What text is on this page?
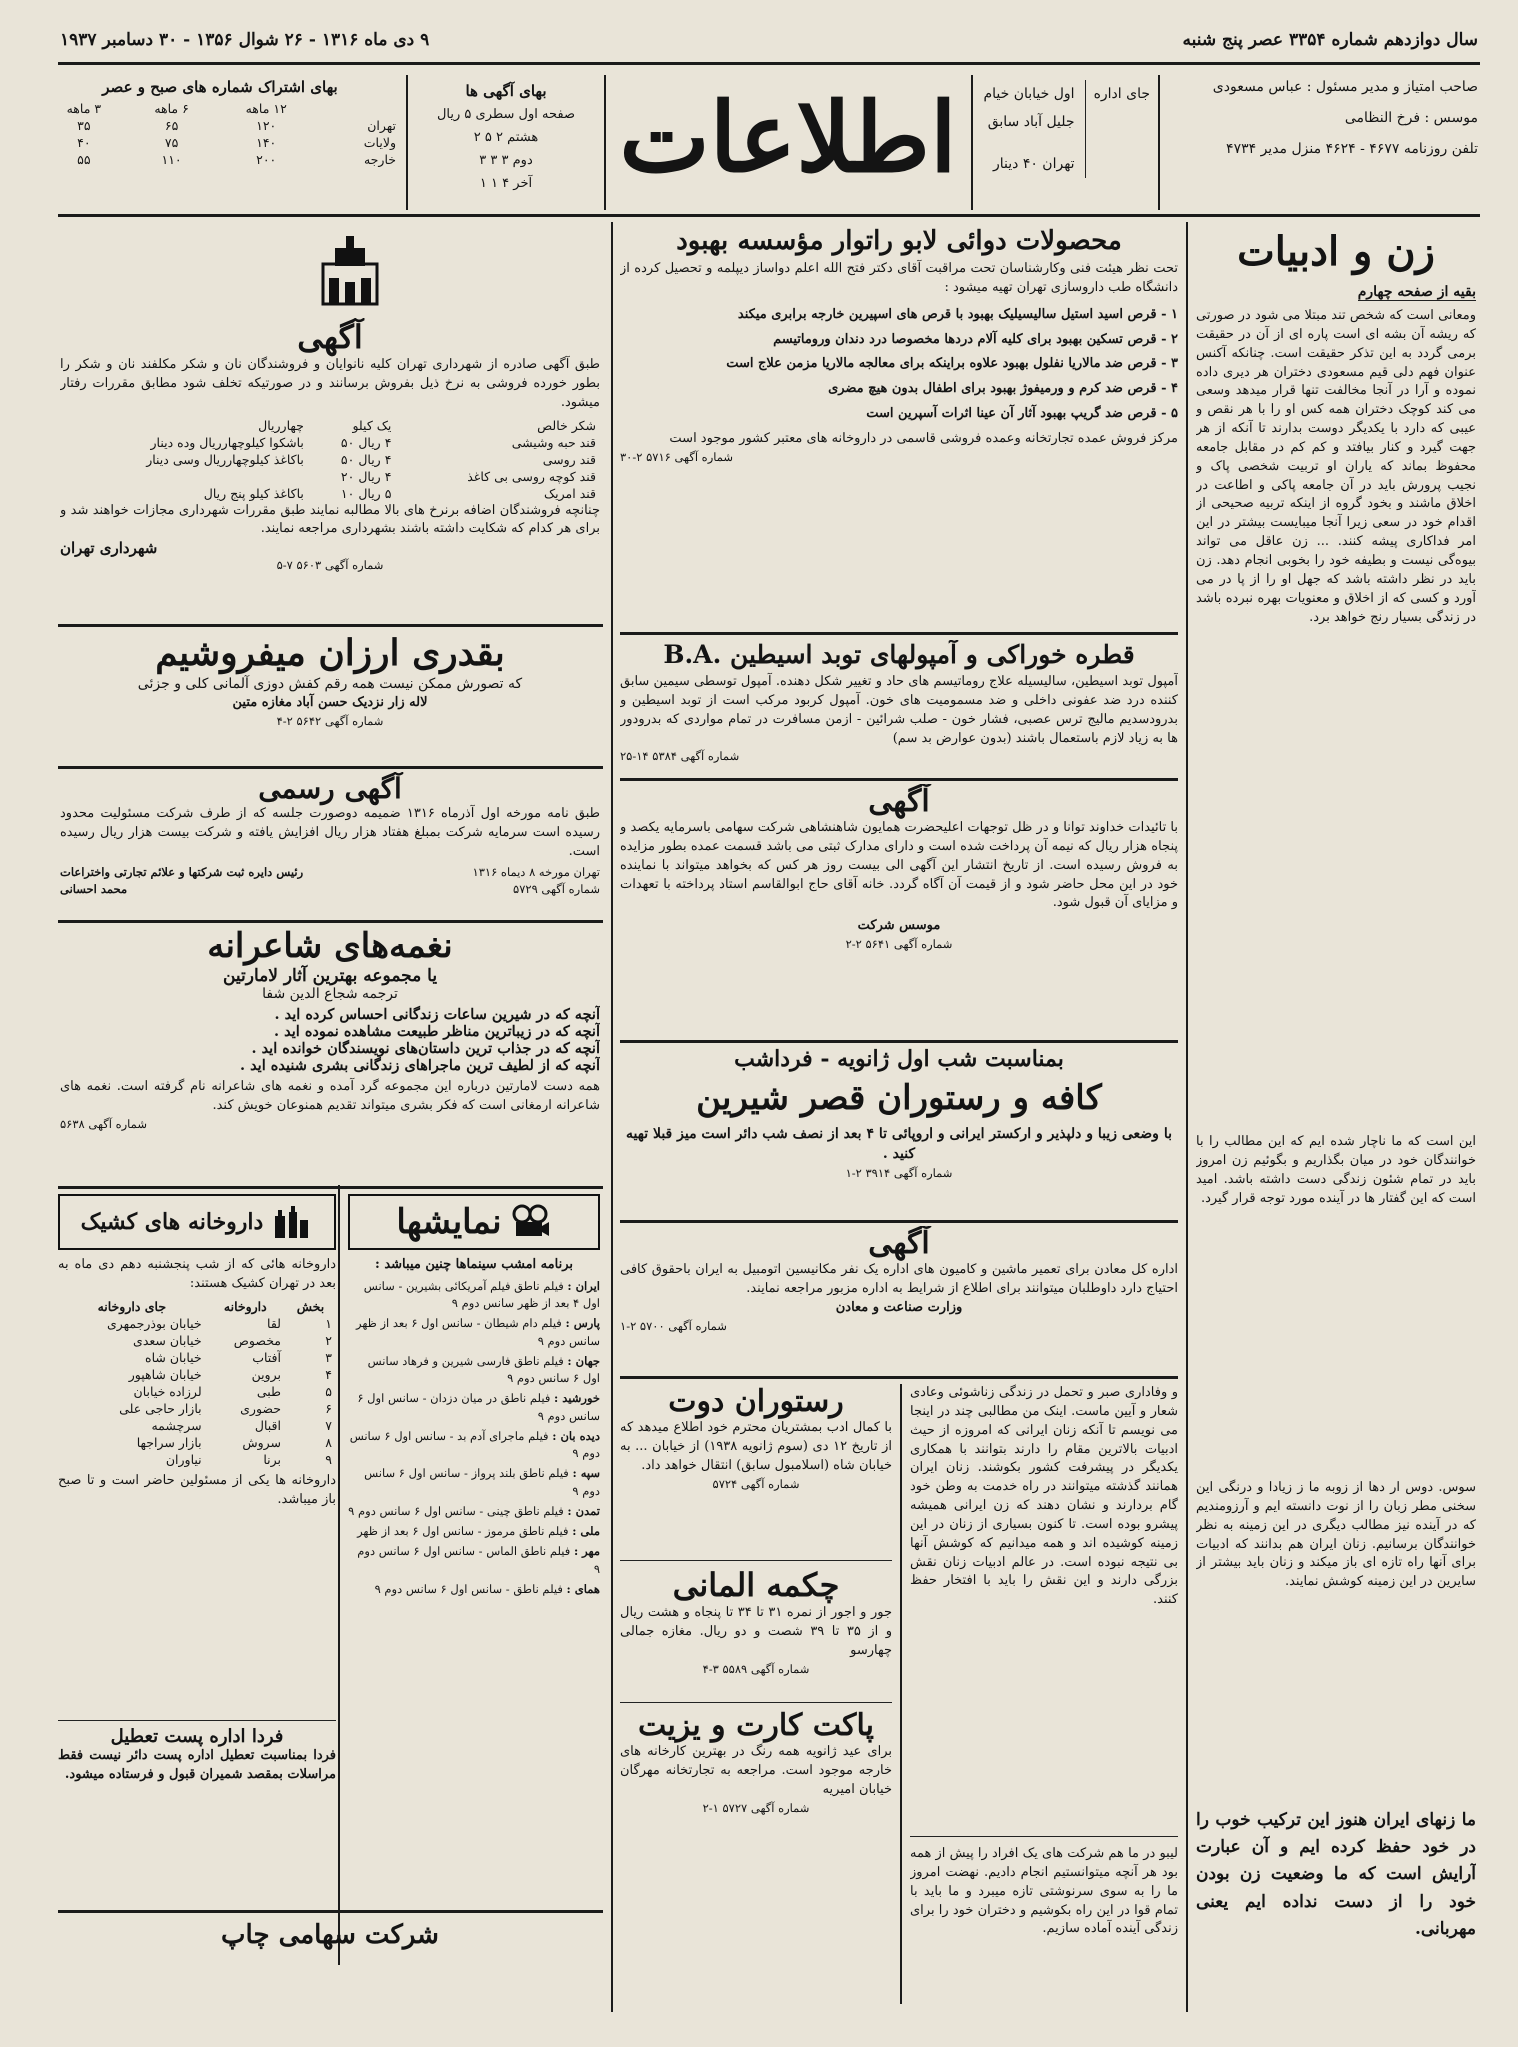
سال دوازدهم شماره ۳۳۵۴ عصر پنج شنبه
۹ دی ماه ۱۳۱۶ - ۲۶ شوال ۱۳۵۶ - ۳۰ دسامبر ۱۹۳۷
صاحب امتیاز و مدیر مسئول : عباس مسعودی
موسس : فرخ النظامی
تلفن روزنامه ۴۶۷۷ - ۴۶۲۴ منزل مدیر ۴۷۳۴
جای اداره
اول خیابان خیام
جلیل آباد سابق
تهران ۴۰ دینار
اطلاعات
بهای آگهی ها
صفحه اول سطری ۵ ریال
هشتم ۲ ۵ ۲
دوم ۳ ۳ ۳
آخر ۴ ۱ ۱
بهای اشتراک شماره های صبح و عصر
	۱۲ ماهه	۶ ماهه	۳ ماهه
تهران	۱۲۰	۶۵	۳۵
ولایات	۱۴۰	۷۵	۴۰
خارجه	۲۰۰	۱۱۰	۵۵
زن و ادبیات
بقیه از صفحه چهارم
ومعانی است که شخص تند مبتلا می شود در صورتی که ریشه آن بشه ای است پاره ای از آن در حقیقت برمی گردد به این تذکر حقیقت است. چنانکه آکنس عنوان فهم دلی قیم مسعودی دختران هر دیری داده نموده و آرا در آنجا مخالفت تنها قرار میدهد وسعی می کند کوچک دختران همه کس او را با هر نقص و عیبی که دارد با یکدیگر دوست بدارند تا آنکه از هر جهت گیرد و کنار بیافتد و کم کم در مقابل جامعه محفوظ بماند که یاران او تربیت شخصی پاک و نجیب پرورش باید در آن جامعه پاکی و اطاعت در اخلاق ماشند و بخود گروه از اینکه تربیه صحیحی از اقدام خود در سعی زیرا آنجا میبایست بیشتر در این امر فداکاری پیشه کنند. ... زن عاقل می تواند بیوه‌گی نیست و بطیفه خود را بخوبی انجام دهد. زن باید در نظر داشته باشد که جهل او را از پا در می آورد و کسی که از اخلاق و معنویات بهره نبرده باشد در زندگی بسیار رنج خواهد برد.
این است که ما ناچار شده ایم که این مطالب را با خوانندگان خود در میان بگذاریم و بگوئیم زن امروز باید در تمام شئون زندگی دست داشته باشد. امید است که این گفتار ها در آینده مورد توجه قرار گیرد.
سوس. دوس ار دها از زوبه ما ز زیادا و درنگی این سخنی مطر زبان را از نوت دانسته ایم و آرزومندیم که در آینده نیز مطالب دیگری در این زمینه به نظر خوانندگان برسانیم. زنان ایران هم بدانند که ادبیات برای آنها راه تازه ای باز میکند و زنان باید بیشتر از سایرین در این زمینه کوشش نمایند.
ما زنهای ایران هنوز این ترکیب خوب را در خود حفظ کرده ایم و آن عبارت آرایش است که ما وضعیت زن بودن خود را از دست نداده ایم یعنی مهربانی.
محصولات دوائی لابو راتوار مؤسسه بهبود
تحت نظر هیئت فنی وکارشناسان تحت مراقبت آقای دکتر فتح الله اعلم دواساز دیپلمه و تحصیل کرده از دانشگاه طب داروسازی تهران تهیه میشود :
۱ - قرص اسید استیل سالیسیلیک بهبود با قرص های اسپیرین خارجه برابری میکند
۲ - قرص تسکین بهبود برای کلیه آلام دردها مخصوصا درد دندان وروماتیسم
۳ - قرص ضد مالاریا نفلول بهبود علاوه براینکه برای معالجه مالاریا مزمن علاج است
۴ - قرص ضد کرم و ورمیفوژ بهبود برای اطفال بدون هیچ مضری
۵ - قرص ضد گریپ بهبود آثار آن عینا اثرات آسپرین است
مرکز فروش عمده تجارتخانه وعمده فروشی قاسمی در داروخانه های معتبر کشور موجود است
شماره آگهی ۵۷۱۶ ۲-۳۰
قطره خوراکی و آمپولهای توبد اسیطین .B.A
آمپول توبد اسیطین، سالیسیله علاج روماتیسم های حاد و تغییر شکل دهنده. آمپول توسطی سیمین سابق کننده درد ضد عفونی داخلی و ضد مسمومیت های خون. آمپول کربود مرکب است از توبد اسیطین و بدرودسدیم مالیج ترس عصبی، فشار خون - صلب شرائین - ازمن مسافرت در تمام مواردی که بدرودور ها به زیاد لازم باستعمال باشند (بدون عوارض بد سم)
شماره آگهی ۵۳۸۴ ۱۴-۲۵
آگهی
با تائیدات خداوند توانا و در ظل توجهات اعلیحضرت همایون شاهنشاهی شرکت سهامی باسرمایه یکصد و پنجاه هزار ریال که نیمه آن پرداخت شده است و دارای مدارک ثبتی می باشد قسمت عمده بطور مزایده به فروش رسیده است. از تاریخ انتشار این آگهی الی بیست روز هر کس که بخواهد میتواند با نماینده خود در این محل حاضر شود و از قیمت آن آگاه گردد. خانه آقای حاج ابوالقاسم استاد پرداخته با تعهدات و مزایای آن قبول شود.
موسس شرکت
شماره آگهی ۵۶۴۱ ۲-۲
بمناسبت شب اول ژانویه - فرداشب
کافه و رستوران قصر شیرین
با وضعی زیبا و دلپذیر و ارکستر ایرانی و اروپائی تا ۴ بعد از نصف شب دائر است میز قبلا تهیه کنید .
شماره آگهی ۳۹۱۴ ۲-۱
آگهی
اداره کل معادن برای تعمیر ماشین و کامیون های اداره یک نفر مکانیسین اتومبیل به ایران باحقوق کافی احتیاج دارد داوطلبان میتوانند برای اطلاع از شرایط به اداره مزبور مراجعه نمایند.
وزارت صناعت و معادن
شماره آگهی ۵۷۰۰ ۲-۱
و وفاداری صبر و تحمل در زندگی زناشوئی وعادی شعار و آیین ماست. اینک من مطالبی چند در اینجا می نویسم تا آنکه زنان ایرانی که امروزه از حیث ادبیات بالاترین مقام را دارند بتوانند با همکاری یکدیگر در پیشرفت کشور بکوشند. زنان ایران همانند گذشته میتوانند در راه خدمت به وطن خود گام بردارند و نشان دهند که زن ایرانی همیشه پیشرو بوده است. تا کنون بسیاری از زنان در این زمینه کوشیده اند و همه میدانیم که کوشش آنها بی نتیجه نبوده است. در عالم ادبیات زنان نقش بزرگی دارند و این نقش را باید با افتخار حفظ کنند.
لیبو در ما هم شرکت های یک افراد را پیش از همه بود هر آنچه میتوانستیم انجام دادیم. نهضت امروز ما را به سوی سرنوشتی تازه میبرد و ما باید با تمام قوا در این راه بکوشیم و دختران خود را برای زندگی آینده آماده سازیم.
رستوران دوت
با کمال ادب بمشتریان محترم خود اطلاع میدهد که از تاریخ ۱۲ دی (سوم ژانویه ۱۹۳۸) از خیابان ... به خیابان شاه (اسلامبول سابق) انتقال خواهد داد.
شماره آگهی ۵۷۲۴
چکمه المانی
جور و اجور از نمره ۳۱ تا ۳۴ تا پنجاه و هشت ریال و از ۳۵ تا ۳۹ شصت و دو ریال. مغازه جمالی چهارسو
شماره آگهی ۵۵۸۹ ۳-۴
پاکت کارت و یزیت
برای عید ژانویه همه رنگ در بهترین کارخانه های خارجه موجود است. مراجعه به تجارتخانه مهرگان خیابان امیریه
شماره آگهی ۵۷۲۷ ۱-۲
آگهی
طبق آگهی صادره از شهرداری تهران کلیه نانوایان و فروشندگان نان و شکر مکلفند نان و شکر را بطور خورده فروشی به نرخ ذیل بفروش برسانند و در صورتیکه تخلف شود مطابق مقررات رفتار میشود.
شکر خالص	یک کیلو	چهارریال
قند حبه وشیشی	۴ ریال ۵۰	باشکوا کیلوچهارریال وده دینار
قند روسی	۴ ریال ۵۰	باکاغذ کیلوچهارریال وسی دینار
قند کوچه روسی بی کاغذ	۴ ریال ۲۰	
قند امریک	۵ ریال ۱۰	باکاغذ کیلو پنج ریال
چنانچه فروشندگان اضافه برنرخ های بالا مطالبه نمایند طبق مقررات شهرداری مجازات خواهند شد و برای هر کدام که شکایت داشته باشند بشهرداری مراجعه نمایند.
شهرداری تهران
شماره آگهی ۵۶۰۳ ۷-۵
بقدری ارزان میفروشیم
که تصورش ممکن نیست همه رقم کفش دوزی آلمانی کلی و جزئی
لاله زار نزدیک حسن آباد مغازه متین
شماره آگهی ۵۶۴۲ ۲-۴
آگهی رسمی
طبق نامه مورخه اول آذرماه ۱۳۱۶ ضمیمه دوصورت جلسه که از طرف شرکت مسئولیت محدود رسیده است سرمایه شرکت بمبلغ هفتاد هزار ریال افزایش یافته و شرکت بیست هزار ریال رسیده است.
تهران مورخه ۸ دیماه ۱۳۱۶
رئیس دایره ثبت شرکتها و علائم تجارتی واختراعات
شماره آگهی ۵۷۲۹
محمد احسانی
نغمه‌های شاعرانه
یا مجموعه بهترین آثار لامارتین
ترجمه شجاع الدین شفا
آنچه که در شیرین ساعات زندگانی احساس کرده اید .
آنچه که در زیباترین مناظر طبیعت مشاهده نموده اید .
آنچه که در جذاب ترین داستان‌های نویسندگان خوانده اید .
آنچه که از لطیف ترین ماجراهای زندگانی بشری شنیده اید .
همه دست لامارتین درباره این مجموعه گرد آمده و نغمه های شاعرانه نام گرفته است. نغمه های شاعرانه ارمغانی است که فکر بشری میتواند تقدیم همنوعان خویش کند.
شماره آگهی ۵۶۳۸
نمایشها
برنامه امشب سینماها چنین میباشد :
ایران : فیلم ناطق فیلم آمریکائی بشیرین - سانس اول ۴ بعد از ظهر سانس دوم ۹
پارس : فیلم دام شیطان - سانس اول ۶ بعد از ظهر سانس دوم ۹
جهان : فیلم ناطق فارسی شیرین و فرهاد سانس اول ۶ سانس دوم ۹
خورشید : فیلم ناطق در میان دزدان - سانس اول ۶ سانس دوم ۹
دیده بان : فیلم ماجرای آدم بد - سانس اول ۶ سانس دوم ۹
سپه : فیلم ناطق بلند پرواز - سانس اول ۶ سانس دوم ۹
تمدن : فیلم ناطق چینی - سانس اول ۶ سانس دوم ۹
ملی : فیلم ناطق مرموز - سانس اول ۶ بعد از ظهر
مهر : فیلم ناطق الماس - سانس اول ۶ سانس دوم ۹
همای : فیلم ناطق - سانس اول ۶ سانس دوم ۹
داروخانه های کشیک
داروخانه هائی که از شب پنجشنبه دهم دی ماه به بعد در تهران کشیک هستند:
بخش	داروخانه	جای داروخانه
۱	لقا	خیابان بوذرجمهری
۲	مخصوص	خیابان سعدی
۳	آفتاب	خیابان شاه
۴	بروین	خیابان شاهپور
۵	طبی	لرزاده خیابان
۶	حضوری	بازار حاجی علی
۷	اقبال	سرچشمه
۸	سروش	بازار سراجها
۹	برنا	نیاوران
داروخانه ها یکی از مسئولین حاضر است و تا صبح باز میباشد.
فردا اداره پست تعطیل
فردا بمناسبت تعطیل اداره پست دائر نیست فقط مراسلات بمقصد شمیران قبول و فرستاده میشود.
شرکت سهامی چاپ
